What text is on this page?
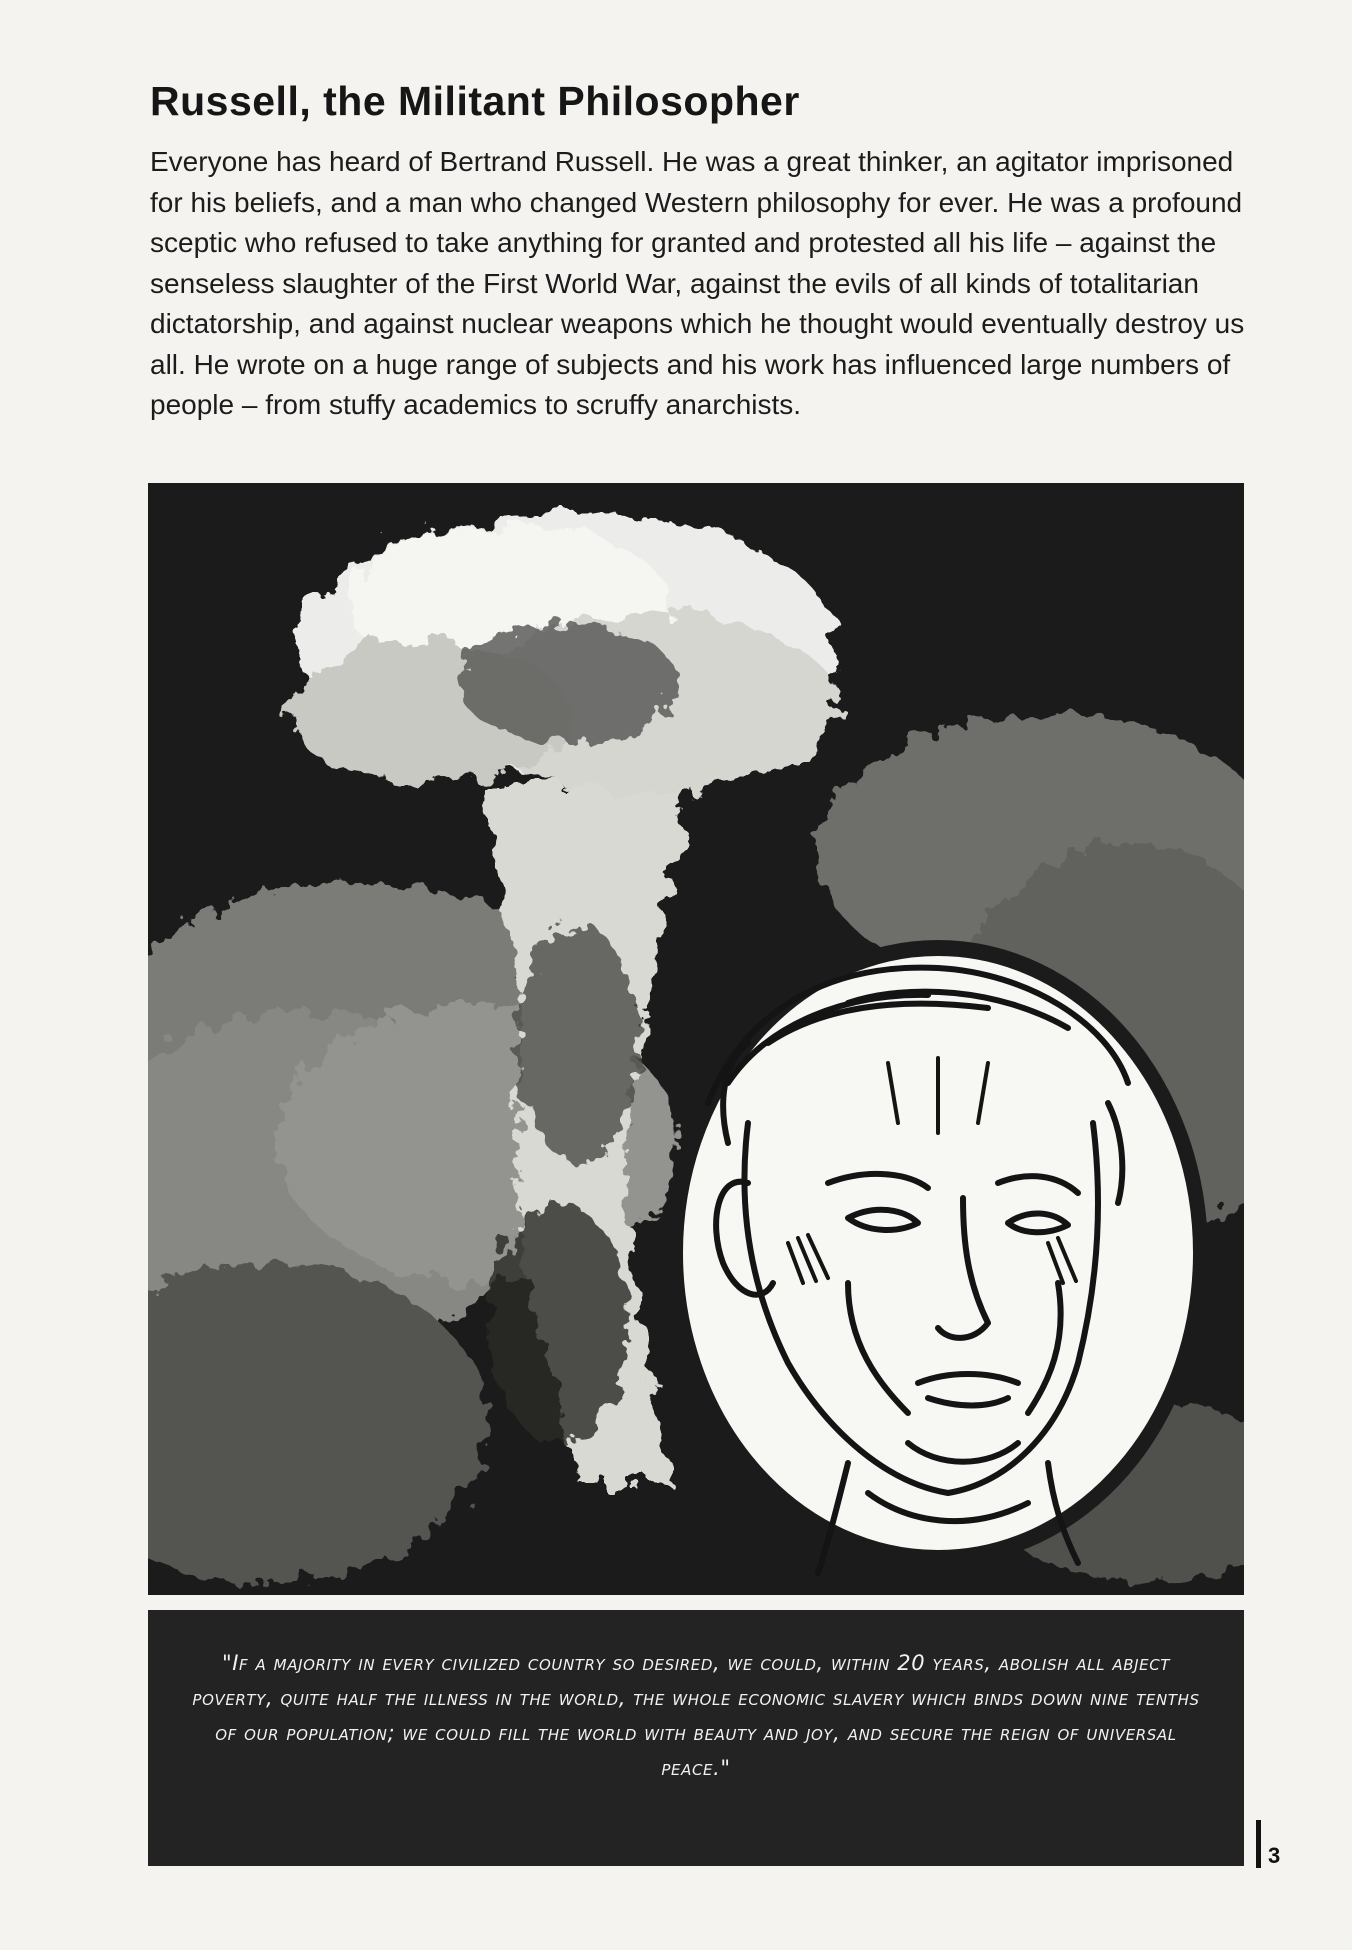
Russell, the Militant Philosopher

Everyone has heard of Bertrand Russell. He was a great thinker, an agitator imprisoned for his beliefs, and a man who changed Western philosophy for ever. He was a profound sceptic who refused to take anything for granted and protested all his life – against the senseless slaughter of the First World War, against the evils of all kinds of totalitarian dictatorship, and against nuclear weapons which he thought would eventually destroy us all. He wrote on a huge range of subjects and his work has influenced large numbers of people – from stuffy academics to scruffy anarchists.

"If a majority in every civilized country so desired, we could, within 20 years, abolish all abject poverty, quite half the illness in the world, the whole economic slavery which binds down nine tenths of our population; we could fill the world with beauty and joy, and secure the reign of universal peace."

3
